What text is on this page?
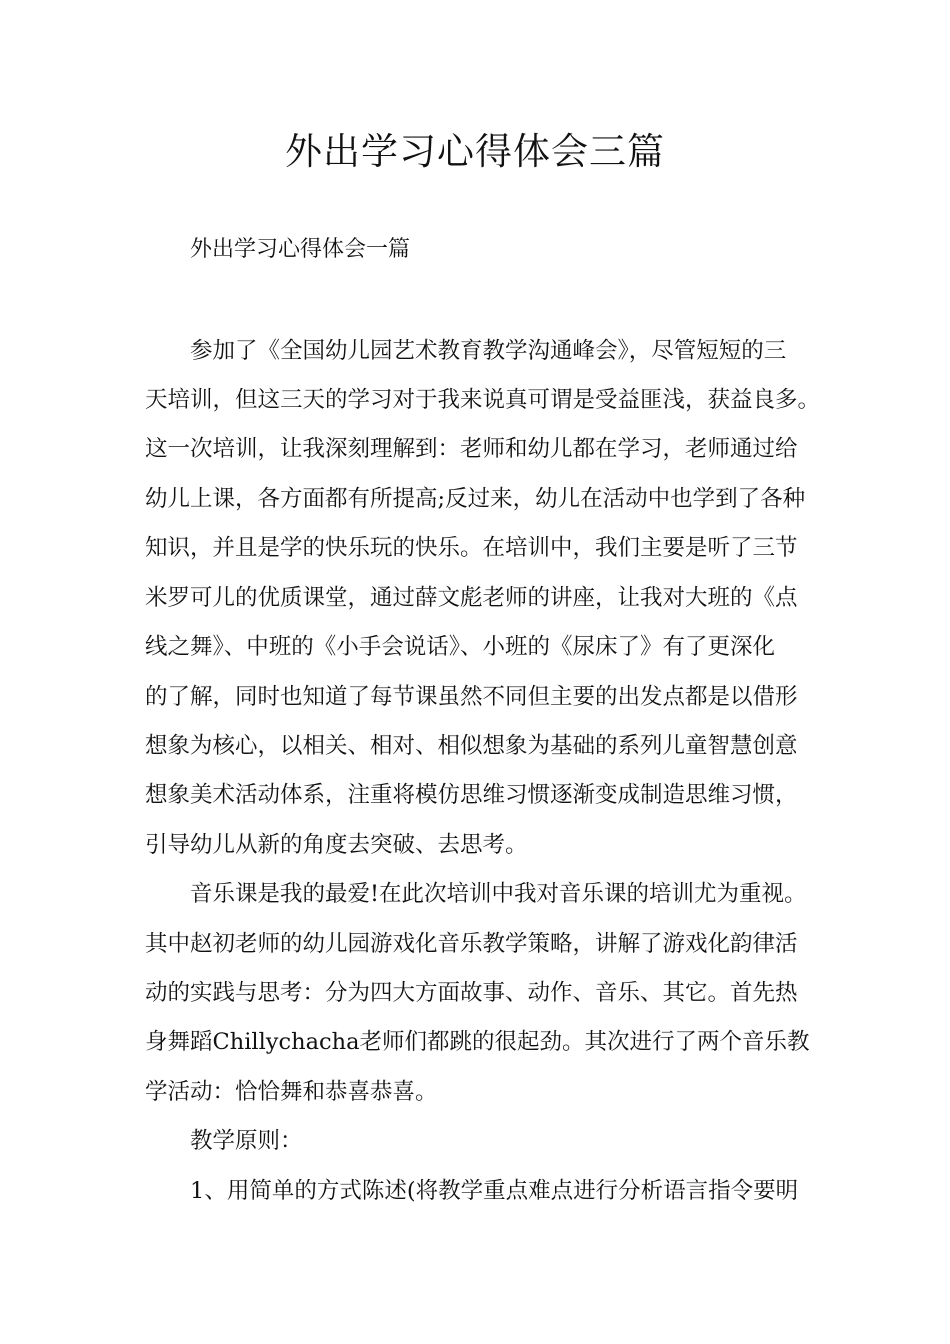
外出学习心得体会三篇

外出学习心得体会一篇

参加了《全国幼儿园艺术教育教学沟通峰会》，尽管短短的三

天培训，但这三天的学习对于我来说真可谓是受益匪浅，获益良多。

这一次培训，让我深刻理解到：老师和幼儿都在学习，老师通过给

幼儿上课，各方面都有所提高;反过来，幼儿在活动中也学到了各种

知识，并且是学的快乐玩的快乐。在培训中，我们主要是听了三节

米罗可儿的优质课堂，通过薛文彪老师的讲座，让我对大班的《点

线之舞》、中班的《小手会说话》、小班的《尿床了》有了更深化

的了解，同时也知道了每节课虽然不同但主要的出发点都是以借形

想象为核心，以相关、相对、相似想象为基础的系列儿童智慧创意

想象美术活动体系，注重将模仿思维习惯逐渐变成制造思维习惯，

引导幼儿从新的角度去突破、去思考。

音乐课是我的最爱!在此次培训中我对音乐课的培训尤为重视。

其中赵初老师的幼儿园游戏化音乐教学策略，讲解了游戏化韵律活

动的实践与思考：分为四大方面故事、动作、音乐、其它。首先热

身舞蹈Chillychacha老师们都跳的很起劲。其次进行了两个音乐教

学活动：恰恰舞和恭喜恭喜。

教学原则：

1、用简单的方式陈述(将教学重点难点进行分析语言指令要明
